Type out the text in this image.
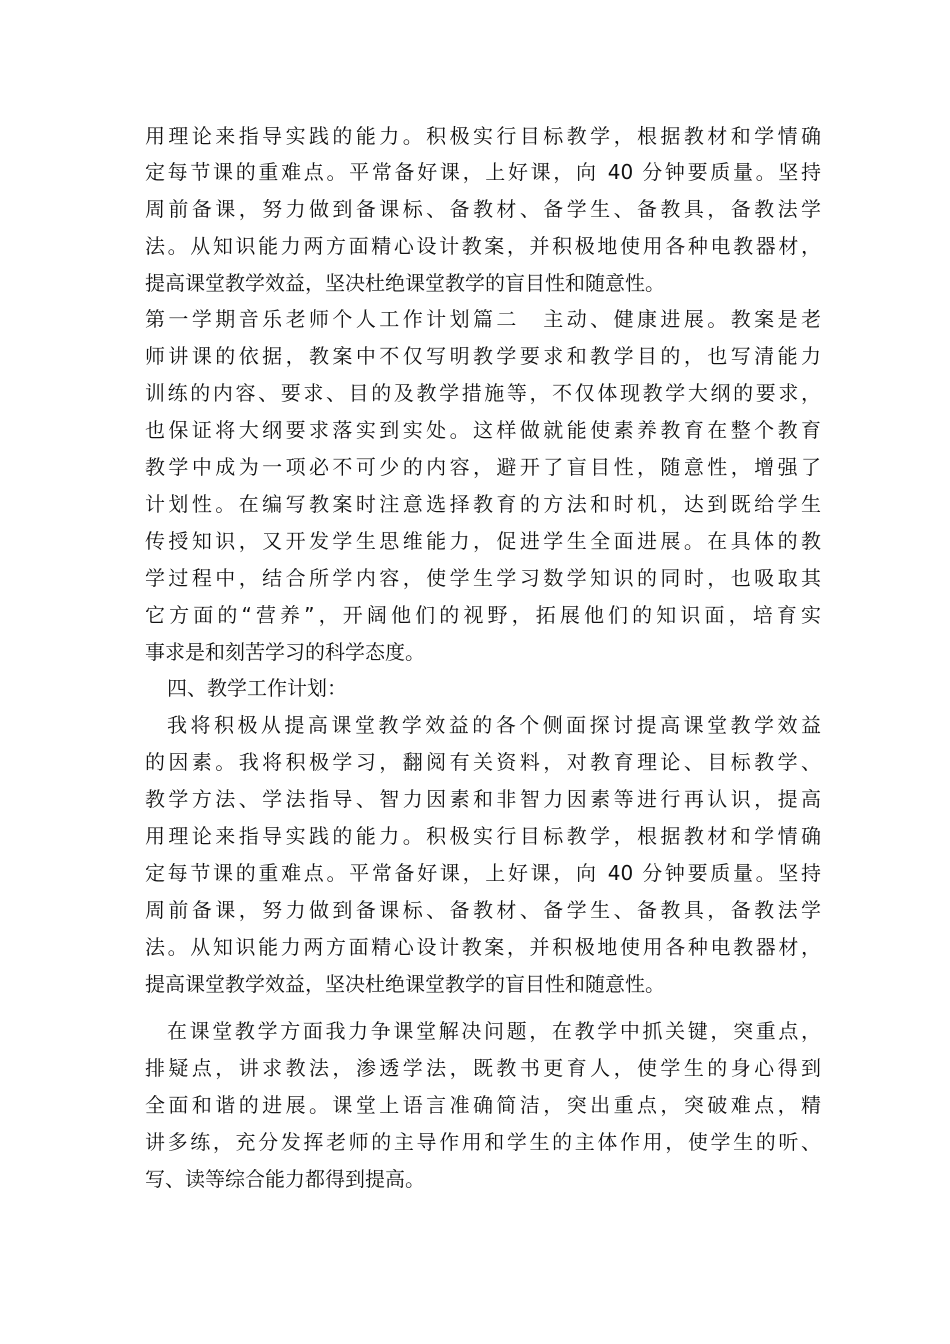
用理论来指导实践的能力。积极实行目标教学，根据教材和学情确
定每节课的重难点。平常备好课，上好课，向 40 分钟要质量。坚持
周前备课，努力做到备课标、备教材、备学生、备教具，备教法学
法。从知识能力两方面精心设计教案，并积极地使用各种电教器材，
提高课堂教学效益，坚决杜绝课堂教学的盲目性和随意性。
第一学期音乐老师个人工作计划篇二　主动、健康进展。教案是老
师讲课的依据，教案中不仅写明教学要求和教学目的，也写清能力
训练的内容、要求、目的及教学措施等，不仅体现教学大纲的要求，
也保证将大纲要求落实到实处。这样做就能使素养教育在整个教育
教学中成为一项必不可少的内容，避开了盲目性，随意性，增强了
计划性。在编写教案时注意选择教育的方法和时机，达到既给学生
传授知识，又开发学生思维能力，促进学生全面进展。在具体的教
学过程中，结合所学内容，使学生学习数学知识的同时，也吸取其
它方面的“营养”，开阔他们的视野，拓展他们的知识面，培育实
事求是和刻苦学习的科学态度。
四、教学工作计划：
我将积极从提高课堂教学效益的各个侧面探讨提高课堂教学效益
的因素。我将积极学习，翻阅有关资料，对教育理论、目标教学、
教学方法、学法指导、智力因素和非智力因素等进行再认识，提高
用理论来指导实践的能力。积极实行目标教学，根据教材和学情确
定每节课的重难点。平常备好课，上好课，向 40 分钟要质量。坚持
周前备课，努力做到备课标、备教材、备学生、备教具，备教法学
法。从知识能力两方面精心设计教案，并积极地使用各种电教器材，
提高课堂教学效益，坚决杜绝课堂教学的盲目性和随意性。
在课堂教学方面我力争课堂解决问题，在教学中抓关键，突重点，
排疑点，讲求教法，渗透学法，既教书更育人，使学生的身心得到
全面和谐的进展。课堂上语言准确简洁，突出重点，突破难点，精
讲多练，充分发挥老师的主导作用和学生的主体作用，使学生的听、
写、读等综合能力都得到提高。
